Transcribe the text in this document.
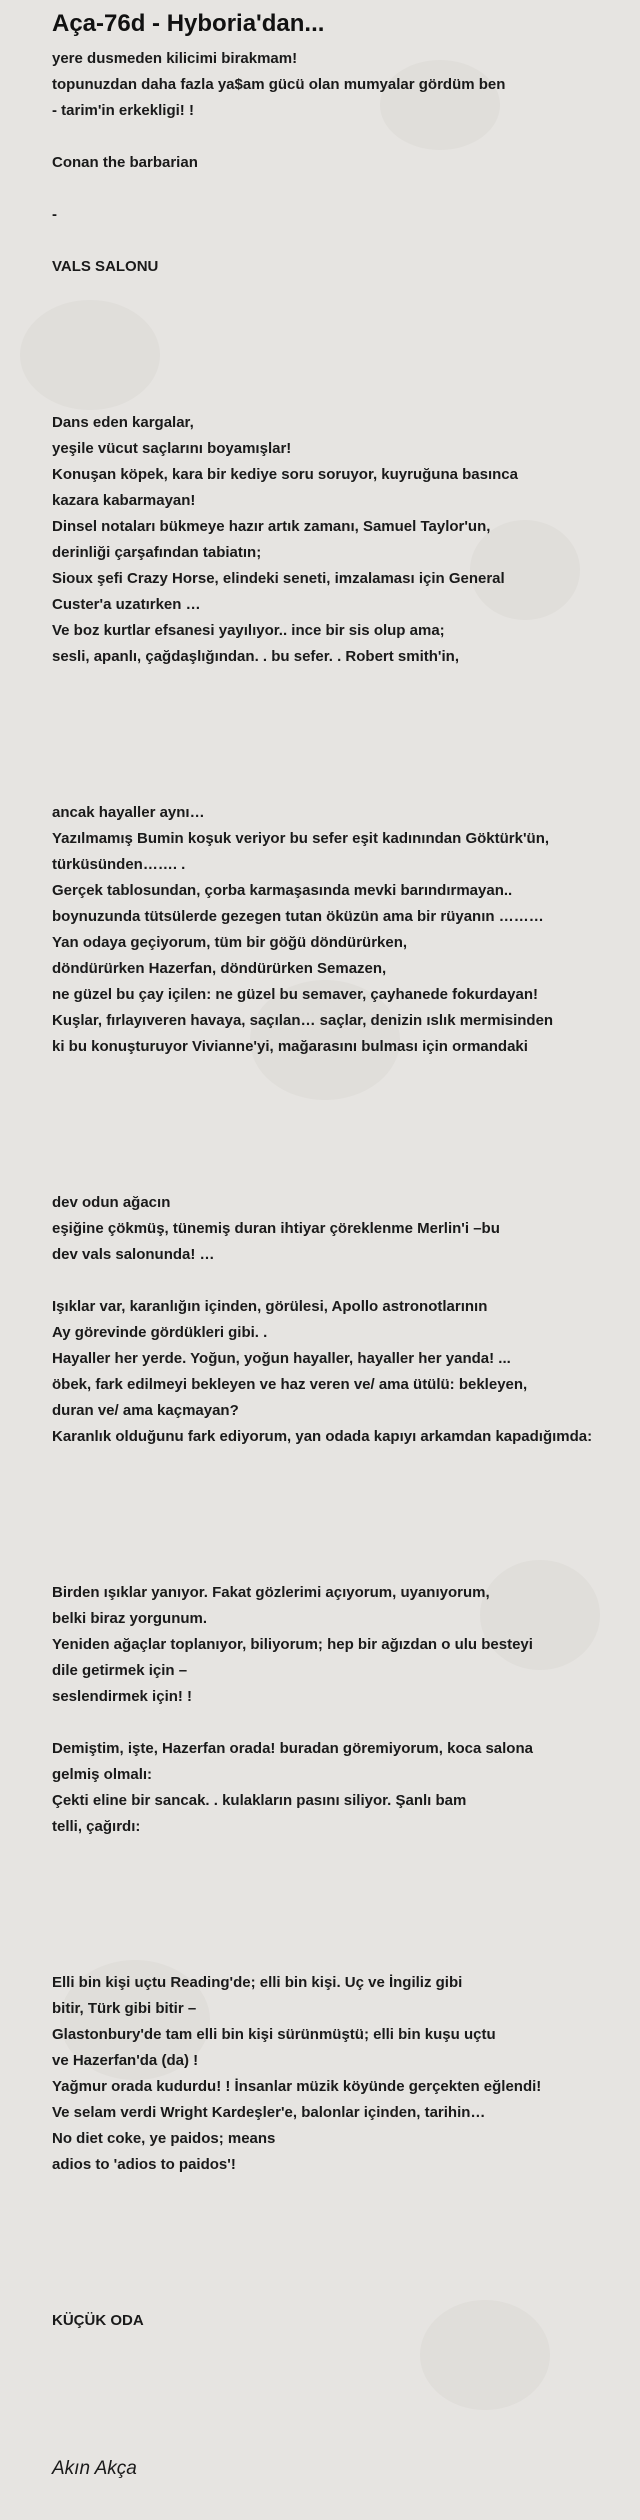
Aça-76d - Hyboria'dan...
yere dusmeden kilicimi birakmam!
topunuzdan daha fazla ya$am gücü olan mumyalar gördüm ben
- tarim'in erkekligi! !
Conan the barbarian
-
VALS SALONU
Dans eden kargalar,
yeşile vücut saçlarını boyamışlar!
Konuşan köpek, kara bir kediye soru soruyor, kuyruğuna basınca
kazara kabarmayan!
Dinsel notaları bükmeye hazır artık zamanı, Samuel Taylor'un,
derinliği çarşafından tabiatın;
Sioux şefi Crazy Horse, elindeki seneti, imzalaması için General
Custer'a uzatırken …
Ve boz kurtlar efsanesi yayılıyor.. ince bir sis olup ama;
sesli, apanlı, çağdaşlığından. . bu sefer. . Robert smith'in,
ancak hayaller aynı…
Yazılmamış Bumin koşuk veriyor bu sefer eşit kadınından Göktürk'ün,
türküsünden……. .
Gerçek tablosundan, çorba karmaşasında mevki barındırmayan..
boynuzunda tütsülerde gezegen tutan öküzün ama bir rüyanın ………
Yan odaya geçiyorum, tüm bir göğü döndürürken,
döndürürken Hazerfan, döndürürken Semazen,
ne güzel bu çay içilen: ne güzel bu semaver, çayhanede fokurdayan!
Kuşlar, fırlayıveren havaya, saçılan… saçlar, denizin ıslık mermisinden
ki bu konuşturuyor Vivianne'yi, mağarasını bulması için ormandaki
dev odun ağacın
eşiğine çökmüş, tünemiş duran ihtiyar çöreklenme Merlin'i –bu
dev vals salonunda! …
Işıklar var, karanlığın içinden, görülesi, Apollo astronotlarının
Ay görevinde gördükleri gibi. .
Hayaller her yerde. Yoğun, yoğun hayaller, hayaller her yanda! ...
öbek, fark edilmeyi bekleyen ve haz veren ve/ ama ütülü: bekleyen,
duran ve/ ama kaçmayan?
Karanlık olduğunu fark ediyorum, yan odada kapıyı arkamdan kapadığımda:
Birden ışıklar yanıyor. Fakat gözlerimi açıyorum, uyanıyorum,
belki biraz yorgunum.
Yeniden ağaçlar toplanıyor, biliyorum; hep bir ağızdan o ulu besteyi
dile getirmek için –
seslendirmek için! !
Demiştim, işte, Hazerfan orada! buradan göremiyorum, koca salona
gelmiş olmalı:
Çekti eline bir sancak. . kulakların pasını siliyor. Şanlı bam
telli, çağırdı:
Elli bin kişi uçtu Reading'de; elli bin kişi. Uç ve İngiliz gibi
bitir, Türk gibi bitir –
Glastonbury'de tam elli bin kişi sürünmüştü; elli bin kuşu uçtu
ve Hazerfan'da (da) !
Yağmur orada kudurdu! ! İnsanlar müzik köyünde gerçekten eğlendi!
Ve selam verdi Wright Kardeşler'e, balonlar içinden, tarihin…
No diet coke, ye paidos; means
adios to 'adios to paidos'!
KÜÇÜK ODA
Akın Akça
